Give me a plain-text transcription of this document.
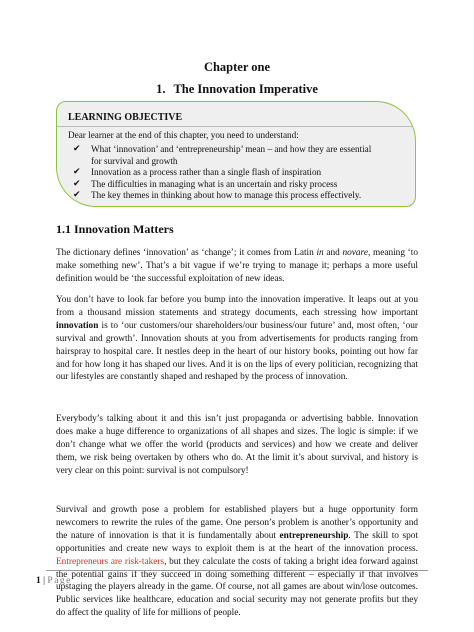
Chapter one
1. The Innovation Imperative

LEARNING OBJECTIVE

Dear learner at the end of this chapter, you need to understand:

✔ What ‘innovation’ and ‘entrepreneurship’ mean – and how they are essential
for survival and growth
✔ Innovation as a process rather than a single flash of inspiration
✔ The difficulties in managing what is an uncertain and risky process
✔ The key themes in thinking about how to manage this process effectively.
1.1 Innovation Matters

The dictionary defines ‘innovation’ as ‘change’; it comes from Latin in and novare, meaning ‘to make something new’. That’s a bit vague if we’re trying to manage it; perhaps a more useful definition would be ‘the successful exploitation of new ideas.

You don’t have to look far before you bump into the innovation imperative. It leaps out at you from a thousand mission statements and strategy documents, each stressing how important innovation is to ‘our customers/our shareholders/our business/our future’ and, most often, ‘our survival and growth’. Innovation shouts at you from advertisements for products ranging from hairspray to hospital care. It nestles deep in the heart of our history books, pointing out how far and for how long it has shaped our lives. And it is on the lips of every politician, recognizing that our lifestyles are constantly shaped and reshaped by the process of innovation.

Everybody’s talking about it and this isn’t just propaganda or advertising babble. Innovation does make a huge difference to organizations of all shapes and sizes. The logic is simple: if we don’t change what we offer the world (products and services) and how we create and deliver them, we risk being overtaken by others who do. At the limit it’s about survival, and history is very clear on this point: survival is not compulsory!

Survival and growth pose a problem for established players but a huge opportunity form newcomers to rewrite the rules of the game. One person’s problem is another’s opportunity and the nature of innovation is that it is fundamentally about entrepreneurship. The skill to spot opportunities and create new ways to exploit them is at the heart of the innovation process. Entrepreneurs are risk-takers, but they calculate the costs of taking a bright idea forward against the potential gains if they succeed in doing something different – especially if that involves upstaging the players already in the game. Of course, not all games are about win/lose outcomes. Public services like healthcare, education and social security may not generate profits but they do affect the quality of life for millions of people.

1 | Page
